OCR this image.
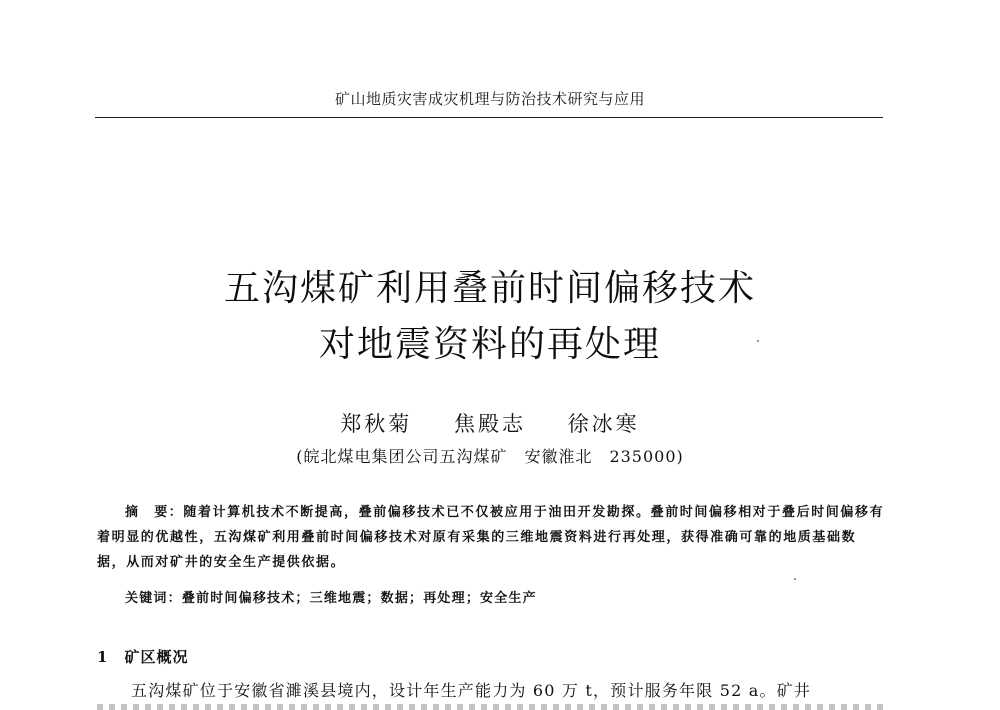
矿山地质灾害成灾机理与防治技术研究与应用
五沟煤矿利用叠前时间偏移技术
对地震资料的再处理
郑秋菊 焦殿志 徐冰寒
(皖北煤电集团公司五沟煤矿　安徽淮北　235000)

摘　要：随着计算机技术不断提高，叠前偏移技术已不仅被应用于油田开发勘探。叠前时间偏移相对于叠后时间偏移有着明显的优越性，五沟煤矿利用叠前时间偏移技术对原有采集的三维地震资料进行再处理，获得准确可靠的地质基础数据，从而对矿井的安全生产提供依据。

关键词：叠前时间偏移技术；三维地震；数据；再处理；安全生产
1 矿区概况

五沟煤矿位于安徽省濉溪县境内，设计年生产能力为 60 万 t，预计服务年限 52 a。矿井
